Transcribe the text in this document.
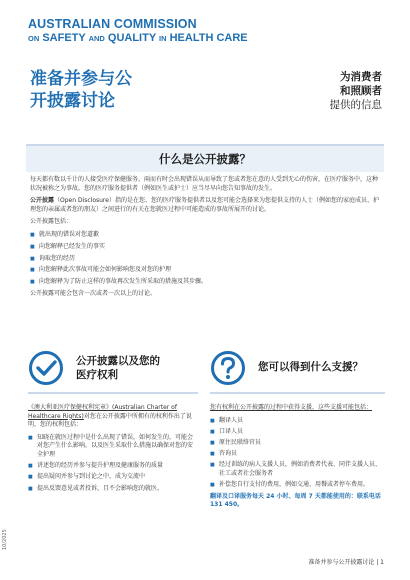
AUSTRALIAN COMMISSION
ON SAFETY AND QUALITY IN HEALTH CARE
准备并参与公
开披露讨论
为消费者
和照顾者
提供的信息
什么是公开披露？

每天都有数以千计的人接受医疗保健服务。兩而有时会出现错误从而导致了您或者您在意的人受到无心的伤害，在医疗服务中，这种状况被称之为事故。您的医疗服务提供者（例如医生或护士）应当尽早向您告知事故的发生。

公开披露（Open Disclosure）指的是在您、您的医疗服务提供者以及您可能会选择来为您提供支持的人士（例如您的家庭成员、护理您的亲属或者您的朋友）之间进行的有关在您就医过程中可能造成的事故所展开的讨论。

公开披露包括：

■ 就出现的错误对您道歉
■ 向您解释已经发生的事实
■ 询取您的经历
■ 向您解释此次事故可能会如何影响您及对您的护理
■ 向您解释为了防止这样的事故再次发生所采取的措施及其步骤。

公开披露可能会包含一次或者一次以上的讨论。

公开披露以及您的
医疗权利

《澳大利亚医疗保健权利宪章》(Australian Charter of Healthcare Rights)对您在公开披露中所拥有的权利作出了说明，您的权利包括：

■ 知晓在就医过程中是什么出现了错误，如何发生的，可能会对您产生什么影响，以及医生采取什么措施以确保对您的安全护理
■ 讲述您的经历并参与提升护理及健康服务的质量
■ 提出疑问并参与到讨论之中，成为交流中
■ 提出反馈意见或者投诉，且不会影响您的就医。
您可以得到什么支援？

您有权利在公开披露的过程中获得支援，这些支援可能包括：

■ 翻译人员
■ 口译人员
■ 原住民联络官员
■ 咨询员
■ 经过训练的病人支援人员，例如消费者代表、同伴支援人员、社工或者社会服务者
■ 补偿您自行支付的费用，例如交通、用餐或者停车费用。

翻译及口译服务每天 24 小时、每周 7 天都能使用的：联系电话 131 450。

准备并参与公开披露讨论 | 1
10/2025
